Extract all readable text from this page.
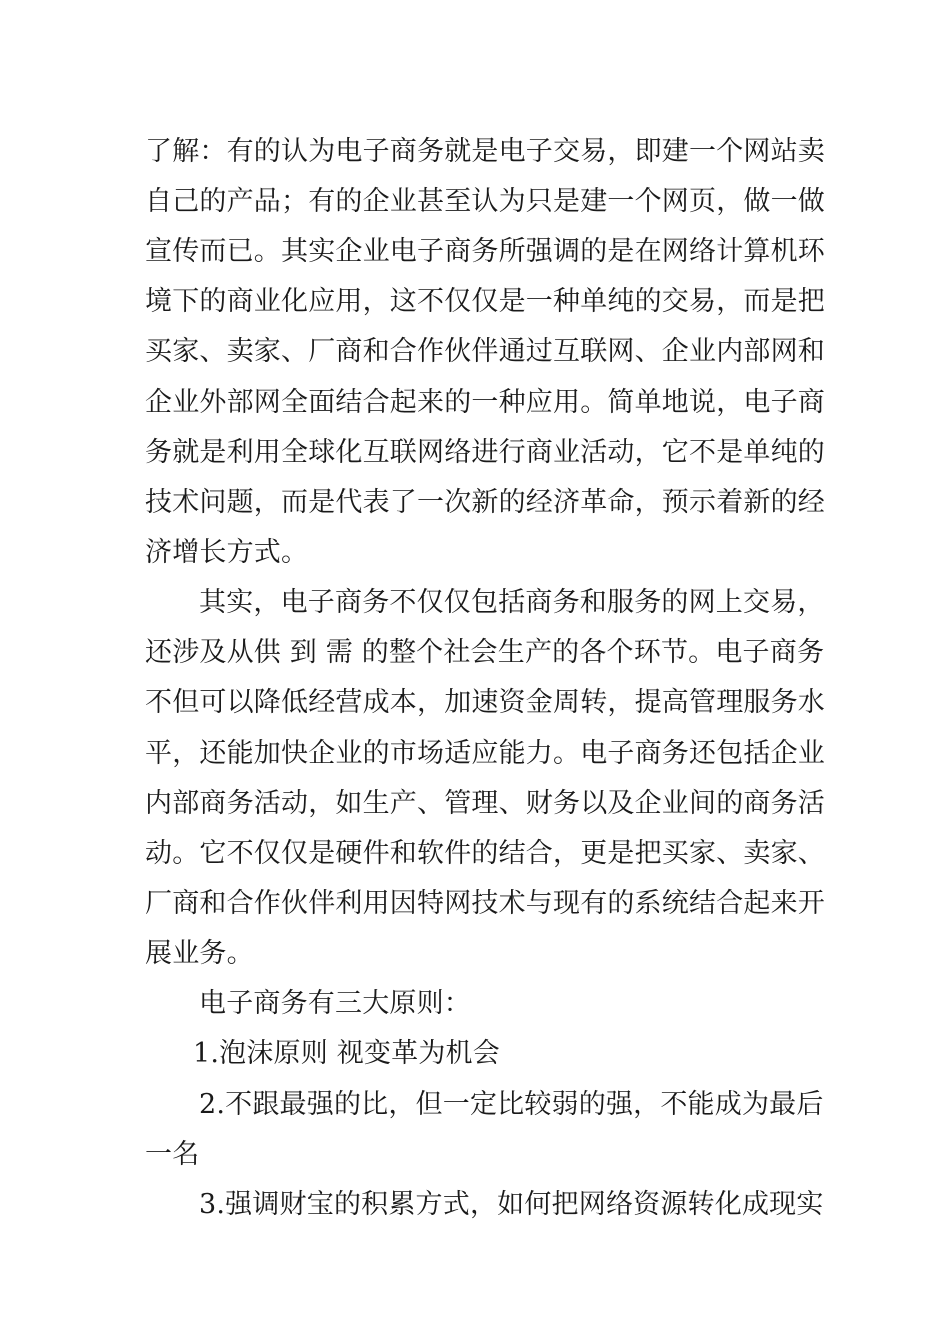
了解：有的认为电子商务就是电子交易，即建一个网站卖
自己的产品；有的企业甚至认为只是建一个网页，做一做
宣传而已。其实企业电子商务所强调的是在网络计算机环
境下的商业化应用，这不仅仅是一种单纯的交易，而是把
买家、卖家、厂商和合作伙伴通过互联网、企业内部网和
企业外部网全面结合起来的一种应用。简单地说，电子商
务就是利用全球化互联网络进行商业活动，它不是单纯的
技术问题，而是代表了一次新的经济革命，预示着新的经
济增长方式。
其实，电子商务不仅仅包括商务和服务的网上交易，
还涉及从供 到 需 的整个社会生产的各个环节。电子商务
不但可以降低经营成本，加速资金周转，提高管理服务水
平，还能加快企业的市场适应能力。电子商务还包括企业
内部商务活动，如生产、管理、财务以及企业间的商务活
动。它不仅仅是硬件和软件的结合，更是把买家、卖家、
厂商和合作伙伴利用因特网技术与现有的系统结合起来开
展业务。
电子商务有三大原则：
1.泡沫原则 视变革为机会
2.不跟最强的比，但一定比较弱的强，不能成为最后
一名
3.强调财宝的积累方式，如何把网络资源转化成现实
